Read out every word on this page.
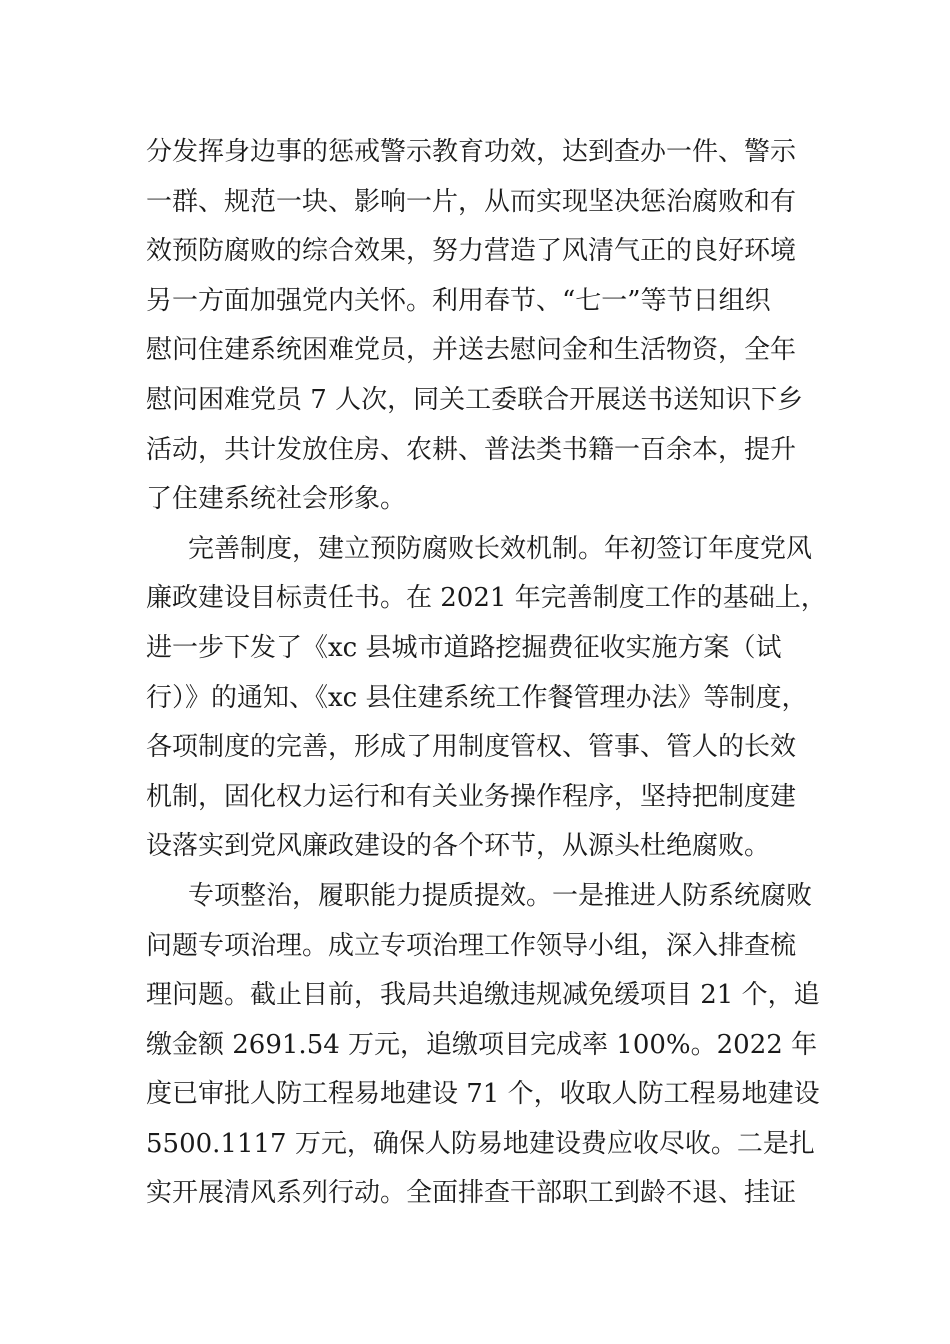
分发挥身边事的惩戒警示教育功效，达到查办一件、警示
一群、规范一块、影响一片，从而实现坚决惩治腐败和有
效预防腐败的综合效果，努力营造了风清气正的良好环境
另一方面加强党内关怀。利用春节、“七一”等节日组织
慰问住建系统困难党员，并送去慰问金和生活物资，全年
慰问困难党员 7 人次，同关工委联合开展送书送知识下乡
活动，共计发放住房、农耕、普法类书籍一百余本，提升
了住建系统社会形象。
完善制度，建立预防腐败长效机制。年初签订年度党风
廉政建设目标责任书。在 2021 年完善制度工作的基础上，
进一步下发了《xc 县城市道路挖掘费征收实施方案（试
行）》的通知、《xc 县住建系统工作餐管理办法》等制度，
各项制度的完善，形成了用制度管权、管事、管人的长效
机制，固化权力运行和有关业务操作程序，坚持把制度建
设落实到党风廉政建设的各个环节，从源头杜绝腐败。
专项整治，履职能力提质提效。一是推进人防系统腐败
问题专项治理。成立专项治理工作领导小组，深入排查梳
理问题。截止目前，我局共追缴违规减免缓项目 21 个，追
缴金额 2691.54 万元，追缴项目完成率 100%。2022 年
度已审批人防工程易地建设 71 个，收取人防工程易地建设
5500.1117 万元，确保人防易地建设费应收尽收。二是扎
实开展清风系列行动。全面排查干部职工到龄不退、挂证
